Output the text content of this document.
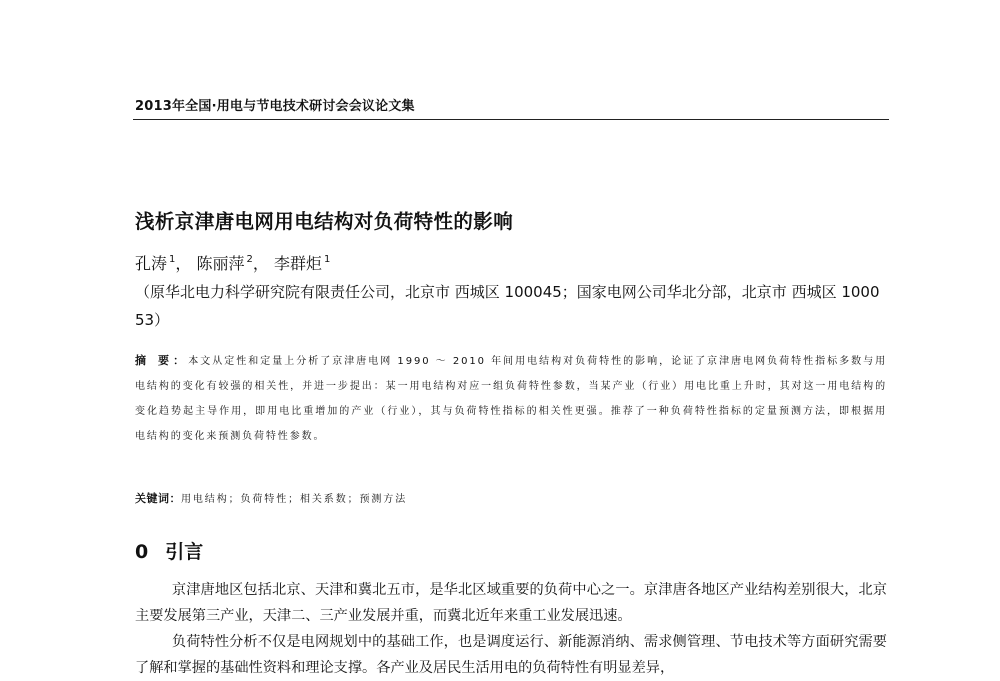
2013年全国·用电与节电技术研讨会会议论文集
浅析京津唐电网用电结构对负荷特性的影响
孔涛 $^1$， 陈丽萍 $^2$， 李群炬 $^1$
（原华北电力科学研究院有限责任公司，北京市 西城区 100045；国家电网公司华北分部，北京市 西城区 100053）
摘 要：本文从定性和定量上分析了京津唐电网 1990 ～ 2010 年间用电结构对负荷特性的影响，论证了京津唐电网负荷特性指标多数与用电结构的变化有较强的相关性，并进一步提出：某一用电结构对应一组负荷特性参数，当某产业（行业）用电比重上升时，其对这一用电结构的变化趋势起主导作用，即用电比重增加的产业（行业），其与负荷特性指标的相关性更强。推荐了一种负荷特性指标的定量预测方法，即根据用电结构的变化来预测负荷特性参数。
关键词：用电结构；负荷特性；相关系数；预测方法
0 引言

京津唐地区包括北京、天津和冀北五市，是华北区域重要的负荷中心之一。京津唐各地区产业结构差别很大，北京主要发展第三产业，天津二、三产业发展并重，而冀北近年来重工业发展迅速。

负荷特性分析不仅是电网规划中的基础工作，也是调度运行、新能源消纳、需求侧管理、节电技术等方面研究需要了解和掌握的基础性资料和理论支撑。各产业及居民生活用电的负荷特性有明显差异，
